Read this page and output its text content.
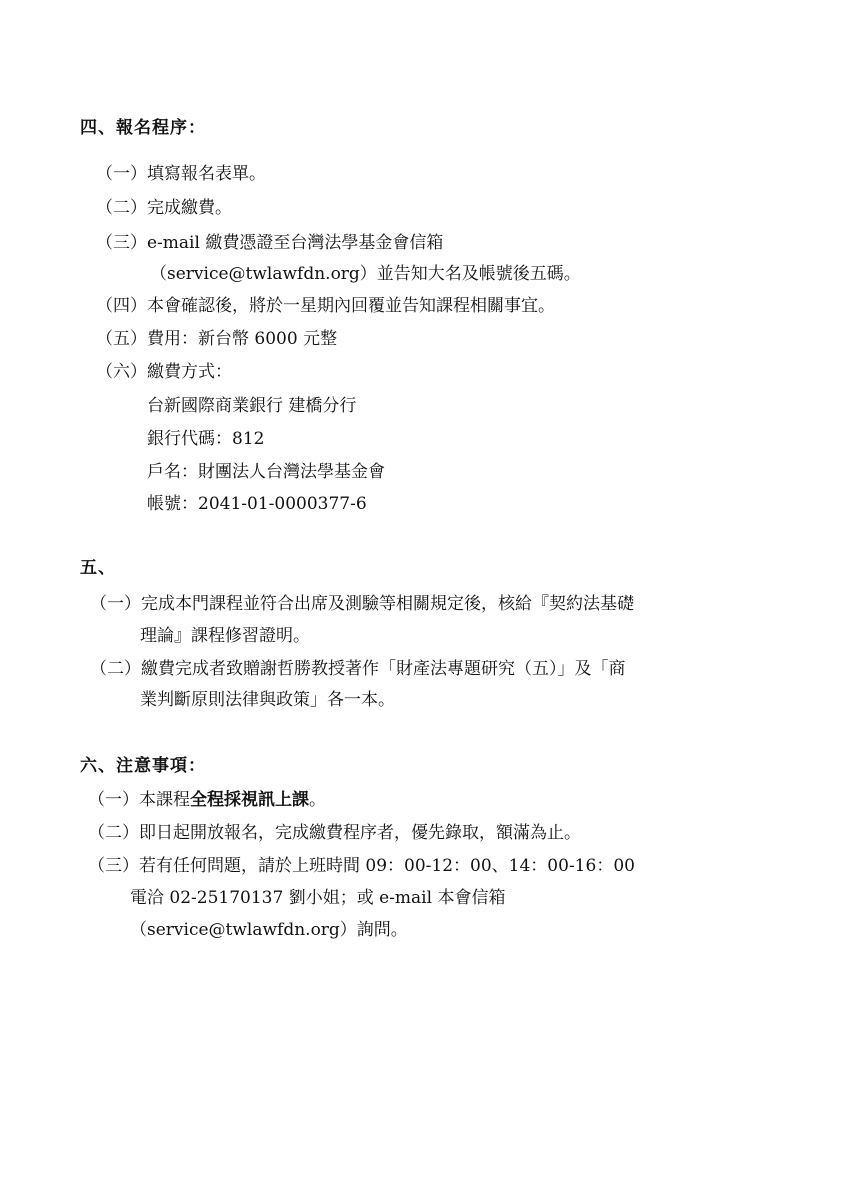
四、報名程序：
（一）填寫報名表單。
（二）完成繳費。
（三）e-mail 繳費憑證至台灣法學基金會信箱
（service@twlawfdn.org）並告知大名及帳號後五碼。
（四）本會確認後，將於一星期內回覆並告知課程相關事宜。
（五）費用：新台幣 6000 元整
（六）繳費方式：
台新國際商業銀行 建橋分行
銀行代碼：812
戶名：財團法人台灣法學基金會
帳號：2041-01-0000377-6
五、
（一）完成本門課程並符合出席及測驗等相關規定後，核給『契約法基礎
理論』課程修習證明。
（二）繳費完成者致贈謝哲勝教授著作「財產法專題研究（五）」及「商
業判斷原則法律與政策」各一本。
六、注意事項：
（一）本課程全程採視訊上課。
（二）即日起開放報名，完成繳費程序者，優先錄取，額滿為止。
（三）若有任何問題，請於上班時間 09：00-12：00、14：00-16：00
電洽 02-25170137 劉小姐；或 e-mail 本會信箱
（service@twlawfdn.org）詢問。
